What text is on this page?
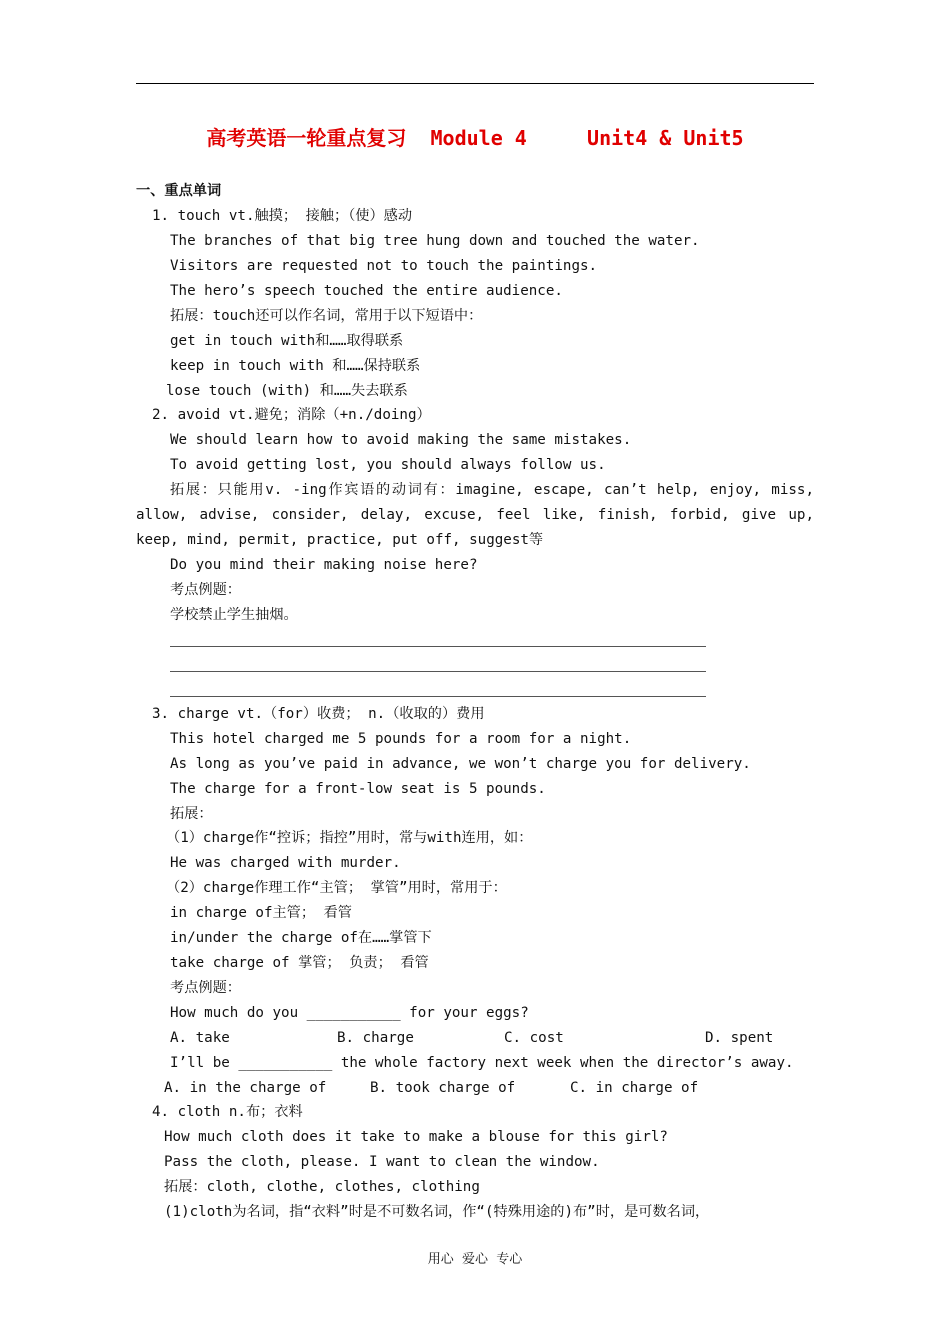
高考英语一轮重点复习  Module 4     Unit4 & Unit5
一、重点单词
1. touch vt.触摸； 接触；（使）感动
The branches of that big tree hung down and touched the water.
Visitors are requested not to touch the paintings.
The hero’s speech touched the entire audience.
拓展：touch还可以作名词，常用于以下短语中：
get in touch with和……取得联系
keep in touch with 和……保持联系
lose touch (with) 和……失去联系
2. avoid vt.避免；消除（+n./doing）
We should learn how to avoid making the same mistakes.
To avoid getting lost, you should always follow us.
拓展：只能用v. -ing作宾语的动词有：imagine, escape, can’t help, enjoy, miss,
allow, advise, consider, delay, excuse, feel like, finish, forbid, give up,
keep, mind, permit, practice, put off, suggest等
Do you mind their making noise here?
考点例题：
学校禁止学生抽烟。
3. charge vt.（for）收费； n.（收取的）费用
This hotel charged me 5 pounds for a room for a night.
As long as you’ve paid in advance, we won’t charge you for delivery.
The charge for a front-low seat is 5 pounds.
拓展：
（1）charge作“控诉；指控”用时，常与with连用，如：
He was charged with murder.
（2）charge作理工作“主管； 掌管”用时，常用于：
in charge of主管； 看管
in/under the charge of在……掌管下
take charge of 掌管； 负责； 看管
考点例题：
How much do you ___________ for your eggs?
A. take	B. charge	C. cost	D. spent
I’ll be ___________ the whole factory next week when the director’s away.
A. in the charge of	B. took charge of	C. in charge of
4. cloth n.布；衣料
How much cloth does it take to make a blouse for this girl?
Pass the cloth, please. I want to clean the window.
拓展：cloth, clothe, clothes, clothing
(1)cloth为名词，指“衣料”时是不可数名词，作“(特殊用途的)布”时，是可数名词，
用心  爱心  专心
